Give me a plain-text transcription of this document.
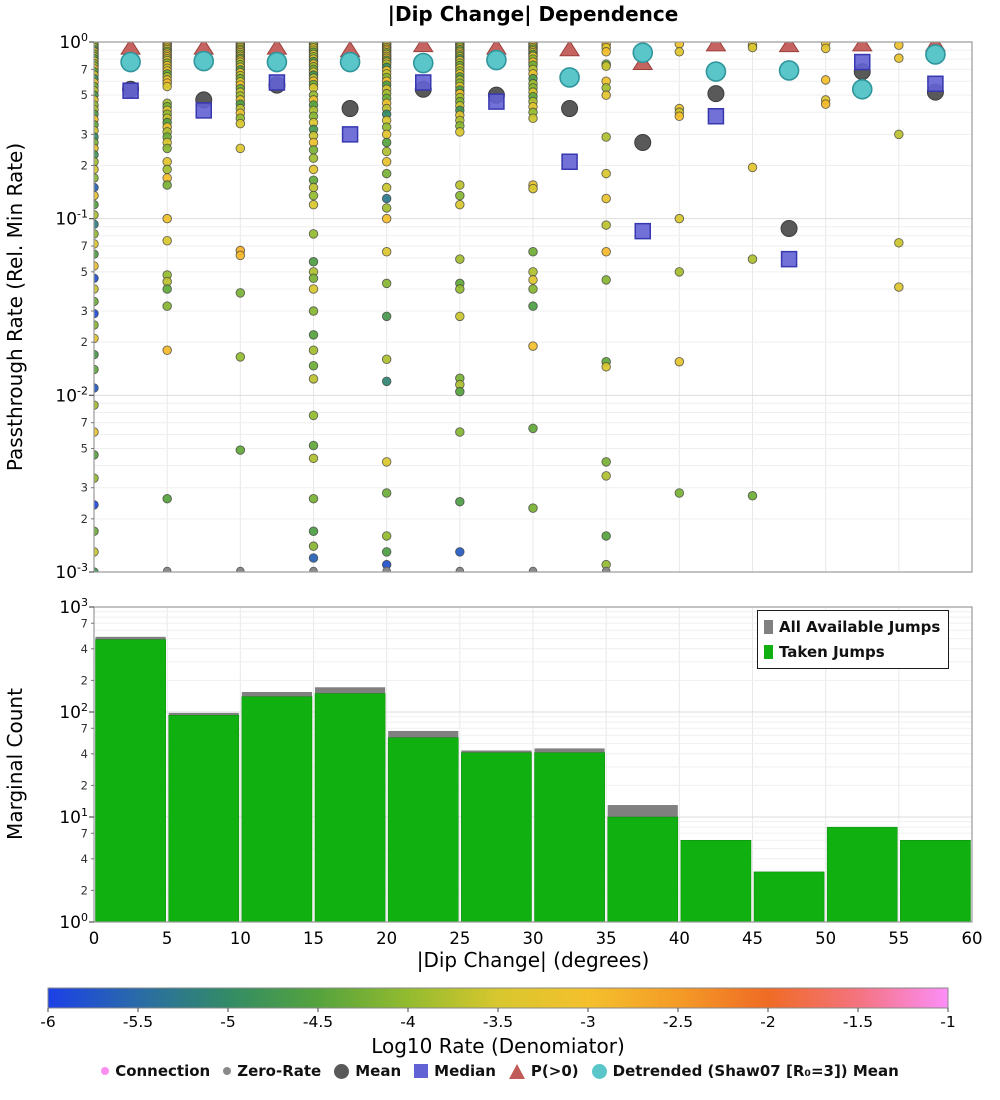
$10^0$
$10^{-1}$
$10^{-2}$
$10^{-3}$
7
5
3
2
7
5
3
2
7
5
3
2
$10^3$
$10^2$
$10^1$
$10^0$
7
4
2
7
4
2
7
4
2
0	5	10	15	20	25	30	35	40	45	50	55	60
-6	-5.5	-5	-4.5	-4	-3.5	-3	-2.5	-2	-1.5	-1
|Dip Change| Dependence
Passthrough Rate (Rel. Min Rate)
Marginal Count
|Dip Change| (degrees)
Log10 Rate (Denomiator)
All Available Jumps
Taken Jumps
Connection Zero-Rate Mean Median P(>0) Detrended (Shaw07 [R₀=3]) Mean
